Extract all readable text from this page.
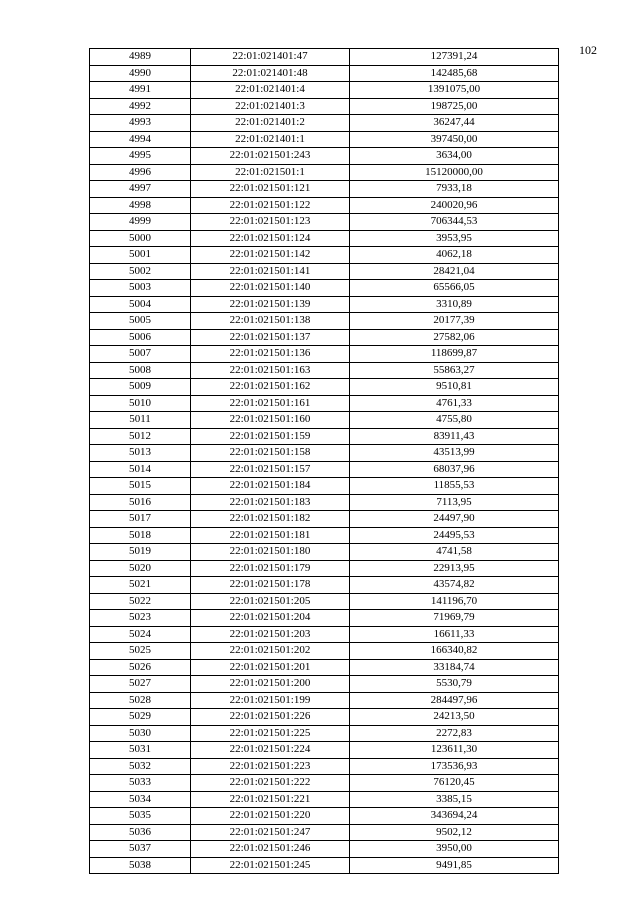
102
4989	22:01:021401:47	127391,24
4990	22:01:021401:48	142485,68
4991	22:01:021401:4	1391075,00
4992	22:01:021401:3	198725,00
4993	22:01:021401:2	36247,44
4994	22:01:021401:1	397450,00
4995	22:01:021501:243	3634,00
4996	22:01:021501:1	15120000,00
4997	22:01:021501:121	7933,18
4998	22:01:021501:122	240020,96
4999	22:01:021501:123	706344,53
5000	22:01:021501:124	3953,95
5001	22:01:021501:142	4062,18
5002	22:01:021501:141	28421,04
5003	22:01:021501:140	65566,05
5004	22:01:021501:139	3310,89
5005	22:01:021501:138	20177,39
5006	22:01:021501:137	27582,06
5007	22:01:021501:136	118699,87
5008	22:01:021501:163	55863,27
5009	22:01:021501:162	9510,81
5010	22:01:021501:161	4761,33
5011	22:01:021501:160	4755,80
5012	22:01:021501:159	83911,43
5013	22:01:021501:158	43513,99
5014	22:01:021501:157	68037,96
5015	22:01:021501:184	11855,53
5016	22:01:021501:183	7113,95
5017	22:01:021501:182	24497,90
5018	22:01:021501:181	24495,53
5019	22:01:021501:180	4741,58
5020	22:01:021501:179	22913,95
5021	22:01:021501:178	43574,82
5022	22:01:021501:205	141196,70
5023	22:01:021501:204	71969,79
5024	22:01:021501:203	16611,33
5025	22:01:021501:202	166340,82
5026	22:01:021501:201	33184,74
5027	22:01:021501:200	5530,79
5028	22:01:021501:199	284497,96
5029	22:01:021501:226	24213,50
5030	22:01:021501:225	2272,83
5031	22:01:021501:224	123611,30
5032	22:01:021501:223	173536,93
5033	22:01:021501:222	76120,45
5034	22:01:021501:221	3385,15
5035	22:01:021501:220	343694,24
5036	22:01:021501:247	9502,12
5037	22:01:021501:246	3950,00
5038	22:01:021501:245	9491,85
